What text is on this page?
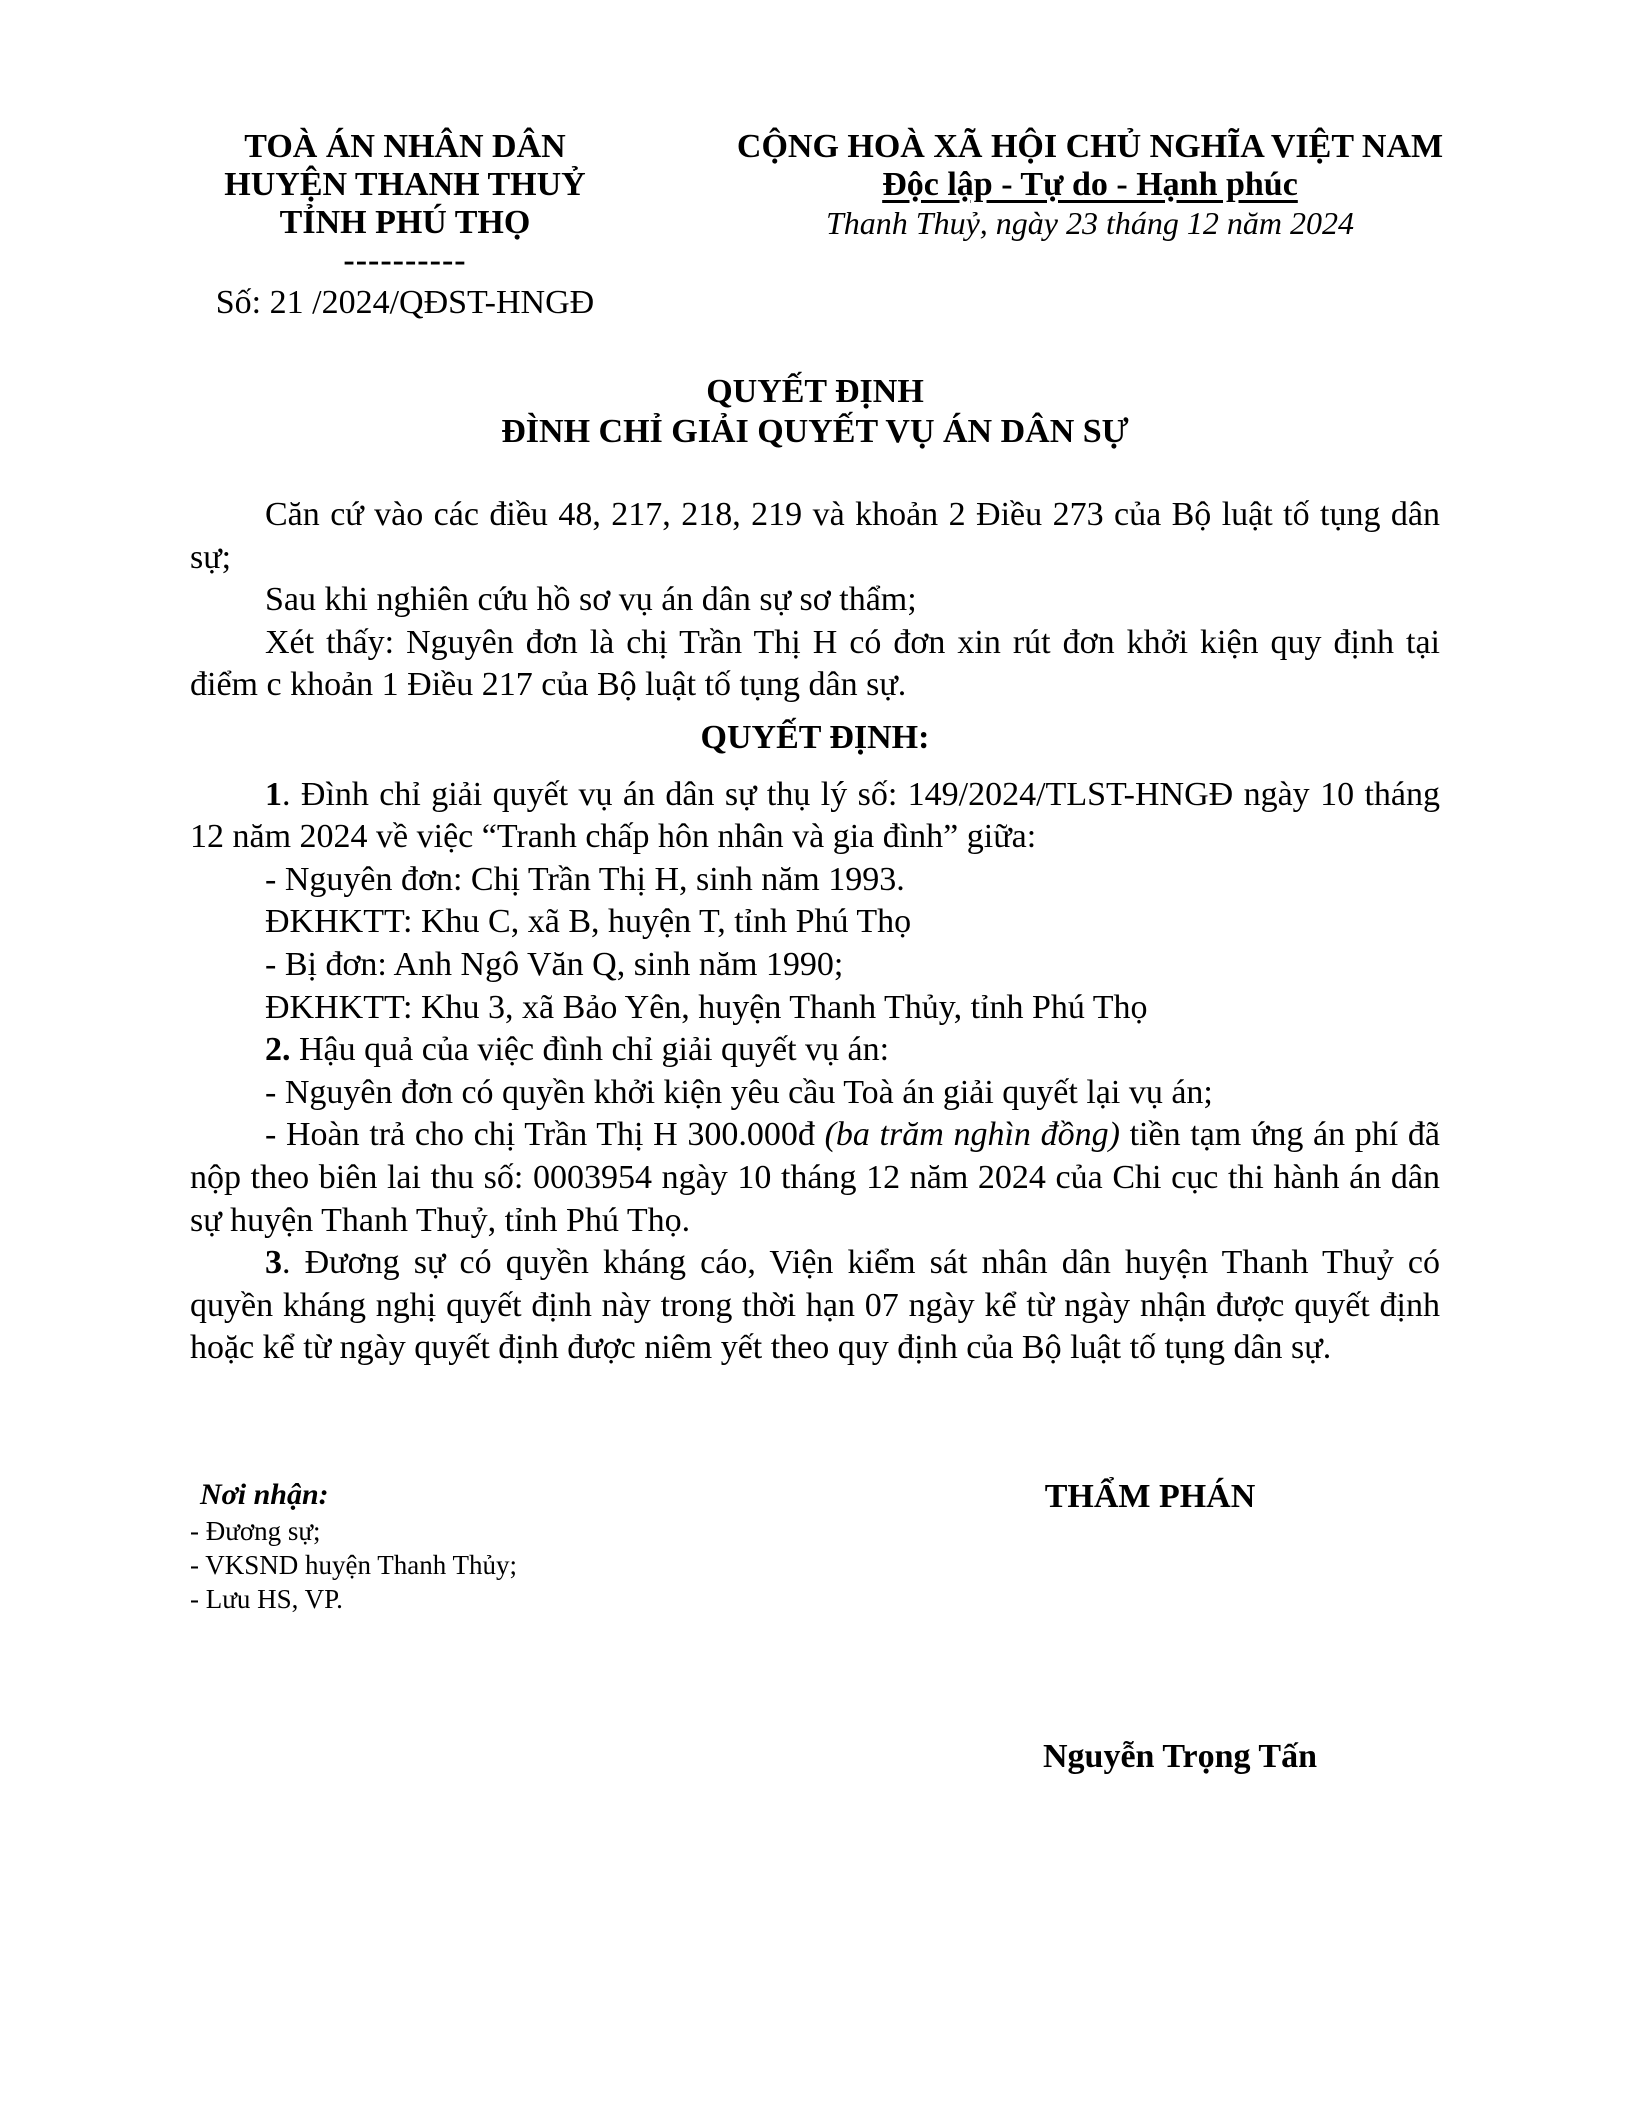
TOÀ ÁN NHÂN DÂN
HUYỆN THANH THUỶ
TỈNH PHÚ THỌ
----------
Số: 21 /2024/QĐST-HNGĐ
CỘNG HOÀ XÃ HỘI CHỦ NGHĨA VIỆT NAM
Độc lập - Tự do - Hạnh phúc
Thanh Thuỷ, ngày 23 tháng 12 năm 2024
QUYẾT ĐỊNH
ĐÌNH CHỈ GIẢI QUYẾT VỤ ÁN DÂN SỰ

Căn cứ vào các điều 48, 217, 218, 219 và khoản 2 Điều 273 của Bộ luật tố tụng dân sự;

Sau khi nghiên cứu hồ sơ vụ án dân sự sơ thẩm;

Xét thấy: Nguyên đơn là chị Trần Thị H có đơn xin rút đơn khởi kiện quy định tại điểm c khoản 1 Điều 217 của Bộ luật tố tụng dân sự.

QUYẾT ĐỊNH:

1. Đình chỉ giải quyết vụ án dân sự thụ lý số: 149/2024/TLST-HNGĐ ngày 10 tháng 12 năm 2024 về việc “Tranh chấp hôn nhân và gia đình” giữa:

- Nguyên đơn: Chị Trần Thị H, sinh năm 1993.

ĐKHKTT: Khu C, xã B, huyện T, tỉnh Phú Thọ

- Bị đơn: Anh Ngô Văn Q, sinh năm 1990;

ĐKHKTT: Khu 3, xã Bảo Yên, huyện Thanh Thủy, tỉnh Phú Thọ

2. Hậu quả của việc đình chỉ giải quyết vụ án:

- Nguyên đơn có quyền khởi kiện yêu cầu Toà án giải quyết lại vụ án;

- Hoàn trả cho chị Trần Thị H 300.000đ (ba trăm nghìn đồng) tiền tạm ứng án phí đã nộp theo biên lai thu số: 0003954 ngày 10 tháng 12 năm 2024 của Chi cục thi hành án dân sự huyện Thanh Thuỷ, tỉnh Phú Thọ.

3. Đương sự có quyền kháng cáo, Viện kiểm sát nhân dân huyện Thanh Thuỷ có quyền kháng nghị quyết định này trong thời hạn 07 ngày kể từ ngày nhận được quyết định hoặc kể từ ngày quyết định được niêm yết theo quy định của Bộ luật tố tụng dân sự.

Nơi nhận:
- Đương sự;
- VKSND huyện Thanh Thủy;
- Lưu HS, VP.
THẨM PHÁN
Nguyễn Trọng Tấn
